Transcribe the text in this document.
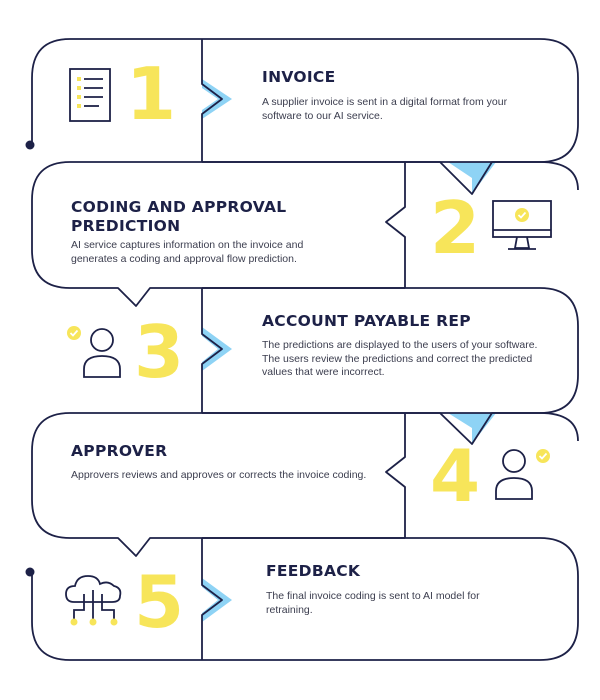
1	INVOICE

A supplier invoice is sent in a digital format from your software to our AI service.

CODING AND APPROVAL PREDICTION

AI service captures information on the invoice and generates a coding and approval flow prediction.	2
3	ACCOUNT PAYABLE REP

The predictions are displayed to the users of your software. The users review the predictions and correct the predicted values that were incorrect.

APPROVER

Approvers reviews and approves or corrects the invoice coding. 4
5	FEEDBACK

The final invoice coding is sent to AI model for retraining.
